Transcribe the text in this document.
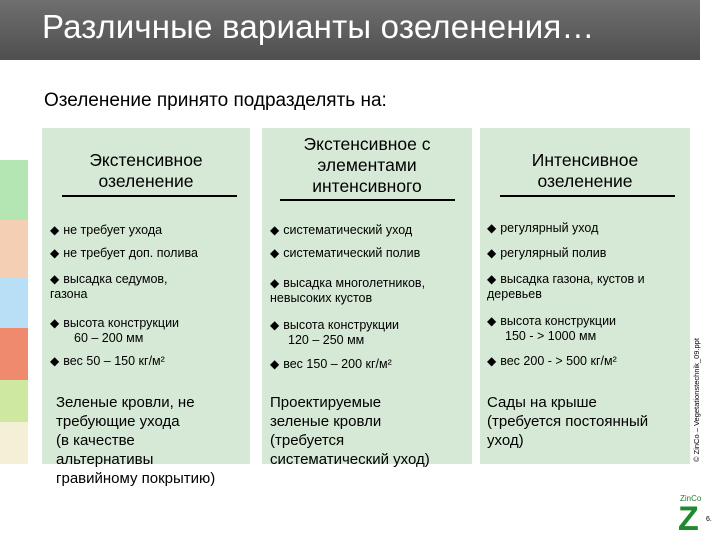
Различные варианты озеленения…
Озеленение принято подразделять на:
Экстенсивное
озеленение
◆ не требует ухода
◆ не требует доп. полива
◆ высадка седумов,
газона
◆ высота конструкции
60 – 200 мм
◆ вес 50 – 150 кг/м²
Зеленые кровли, не
требующие ухода
(в качестве
альтернативы
гравийному покрытию)
Экстенсивное с
элементами
интенсивного
◆ систематический уход
◆ систематический полив
◆ высадка многолетников,
невысоких кустов
◆ высота конструкции
120 – 250 мм
◆ вес 150 – 200 кг/м²
Проектируемые
зеленые кровли
(требуется
систематический уход)
Интенсивное
озеленение
◆ регулярный уход
◆ регулярный полив
◆ высадка газона, кустов и
деревьев
◆ высота конструкции
150 - > 1000 мм
◆ вес 200 - > 500 кг/м²
Сады на крыше
(требуется постоянный
уход)	© ZinCo – Vegetationstechnik_09.ppt
ZinCo
Z 6.
